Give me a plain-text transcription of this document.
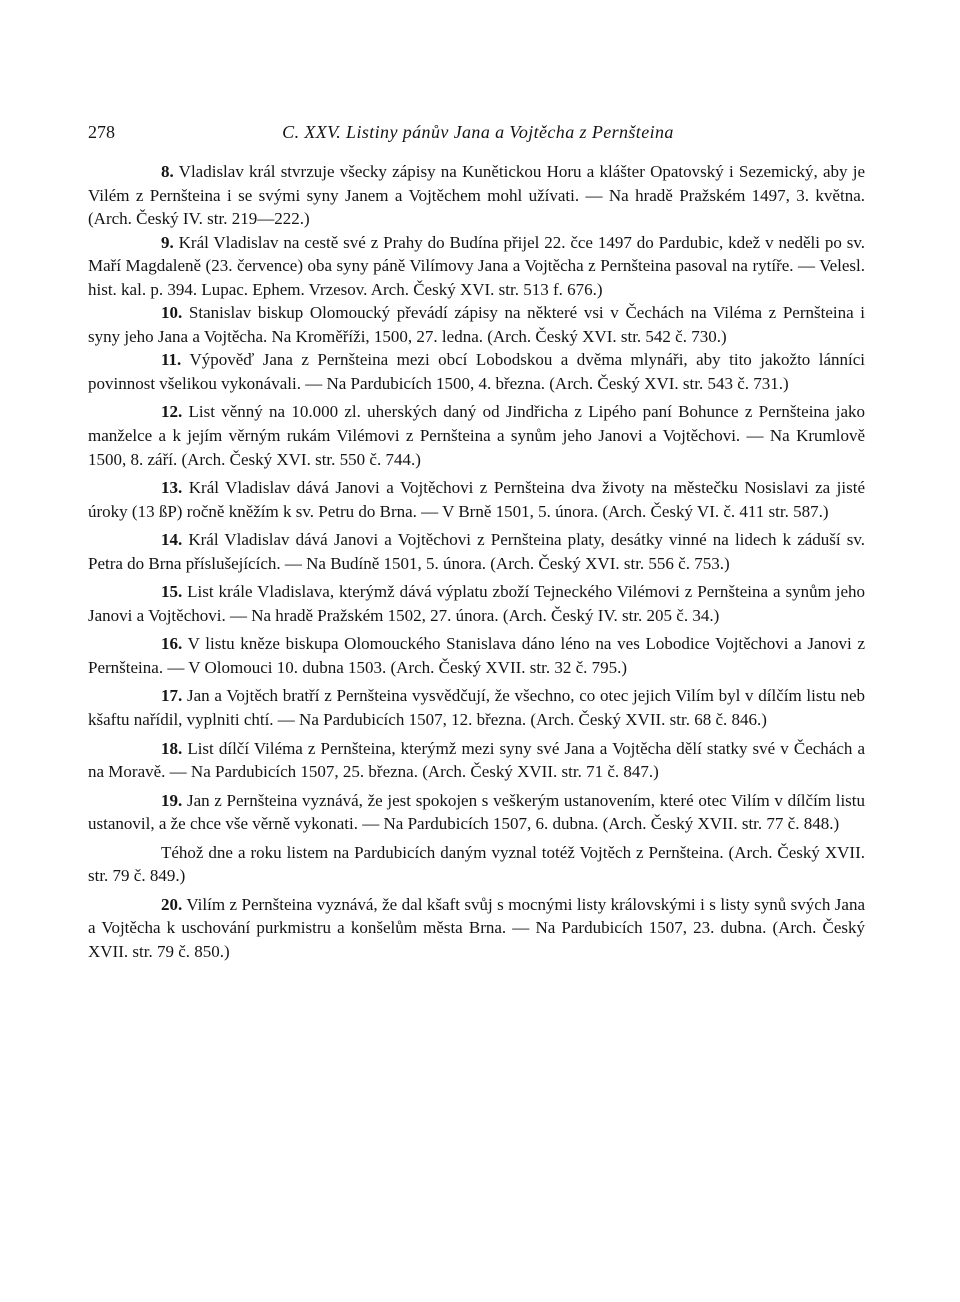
278	C. XXV. Listiny pánův Jana a Vojtěcha z Pernšteina

8. Vladislav král stvrzuje všecky zápisy na Kunětickou Horu a klášter Opatovský i Sezemický, aby je Vilém z Pernšteina i se svými syny Janem a Vojtěchem mohl užívati. — Na hradě Pražském 1497, 3. května. (Arch. Český IV. str. 219—222.)

9. Král Vladislav na cestě své z Prahy do Budína přijel 22. čce 1497 do Pardubic, kdež v neděli po sv. Maří Magdaleně (23. července) oba syny páně Vilímovy Jana a Vojtěcha z Pernšteina pasoval na rytíře. — Velesl. hist. kal. p. 394. Lupac. Ephem. Vrzesov. Arch. Český XVI. str. 513 f. 676.)

10. Stanislav biskup Olomoucký převádí zápisy na některé vsi v Čechách na Viléma z Pernšteina i syny jeho Jana a Vojtěcha. Na Kroměříži, 1500, 27. ledna. (Arch. Český XVI. str. 542 č. 730.)

11. Výpověď Jana z Pernšteina mezi obcí Lobodskou a dvěma mlynáři, aby tito jakožto lánníci povinnost všelikou vykonávali. — Na Pardubicích 1500, 4. března. (Arch. Český XVI. str. 543 č. 731.)

12. List věnný na 10.000 zl. uherských daný od Jindřicha z Lipého paní Bohunce z Pernšteina jako manželce a k jejím věrným rukám Vilémovi z Pernšteina a synům jeho Janovi a Vojtěchovi. — Na Krumlově 1500, 8. září. (Arch. Český XVI. str. 550 č. 744.)

13. Král Vladislav dává Janovi a Vojtěchovi z Pernšteina dva životy na městečku Nosislavi za jisté úroky (13 ßP) ročně kněžím k sv. Petru do Brna. — V Brně 1501, 5. února. (Arch. Český VI. č. 411 str. 587.)

14. Král Vladislav dává Janovi a Vojtěchovi z Pernšteina platy, desátky vinné na lidech k záduší sv. Petra do Brna příslušejících. — Na Budíně 1501, 5. února. (Arch. Český XVI. str. 556 č. 753.)

15. List krále Vladislava, kterýmž dává výplatu zboží Tejneckého Vilémovi z Pernšteina a synům jeho Janovi a Vojtěchovi. — Na hradě Pražském 1502, 27. února. (Arch. Český IV. str. 205 č. 34.)

16. V listu kněze biskupa Olomouckého Stanislava dáno léno na ves Lobodice Vojtěchovi a Janovi z Pernšteina. — V Olomouci 10. dubna 1503. (Arch. Český XVII. str. 32 č. 795.)

17. Jan a Vojtěch bratří z Pernšteina vysvědčují, že všechno, co otec jejich Vilím byl v dílčím listu neb kšaftu nařídil, vyplniti chtí. — Na Pardubicích 1507, 12. března. (Arch. Český XVII. str. 68 č. 846.)

18. List dílčí Viléma z Pernšteina, kterýmž mezi syny své Jana a Vojtěcha dělí statky své v Čechách a na Moravě. — Na Pardubicích 1507, 25. března. (Arch. Český XVII. str. 71 č. 847.)

19. Jan z Pernšteina vyznává, že jest spokojen s veškerým ustanovením, které otec Vilím v dílčím listu ustanovil, a že chce vše věrně vykonati. — Na Pardubicích 1507, 6. dubna. (Arch. Český XVII. str. 77 č. 848.)

Téhož dne a roku listem na Pardubicích daným vyznal totéž Vojtěch z Pernšteina. (Arch. Český XVII. str. 79 č. 849.)

20. Vilím z Pernšteina vyznává, že dal kšaft svůj s mocnými listy královskými i s listy synů svých Jana a Vojtěcha k uschování purkmistru a konšelům města Brna. — Na Pardubicích 1507, 23. dubna. (Arch. Český XVII. str. 79 č. 850.)
